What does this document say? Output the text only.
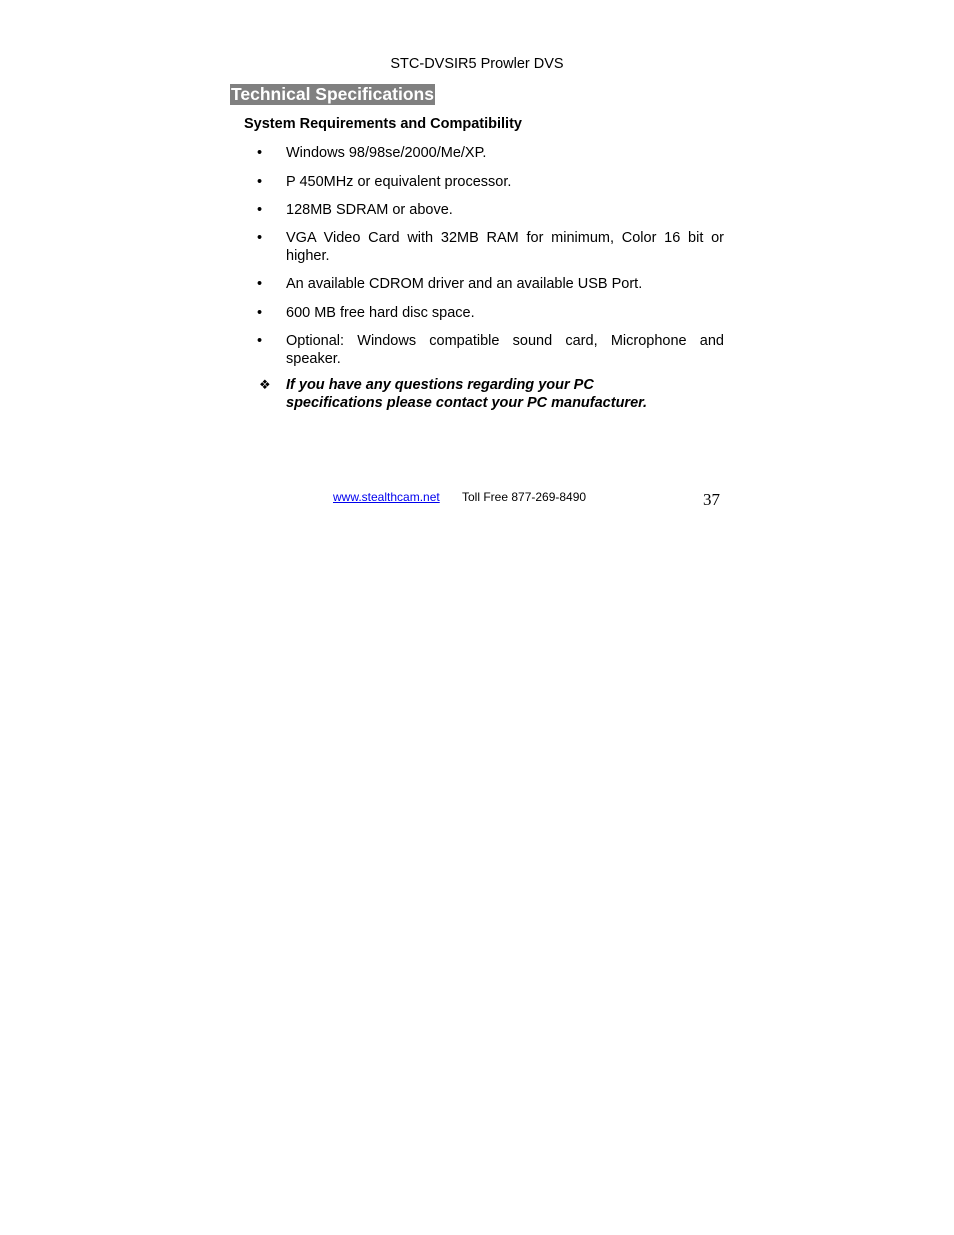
STC-DVSIR5 Prowler DVS
Technical Specifications
System Requirements and Compatibility
•	Windows 98/98se/2000/Me/XP.
•	P 450MHz or equivalent processor.
•	128MB SDRAM or above.
•	VGA Video Card with 32MB RAM for minimum, Color 16 bit or higher.
•	An available CDROM driver and an available USB Port.
•	600 MB free hard disc space.
•	Optional: Windows compatible sound card, Microphone and speaker.
❖ If you have any questions regarding your PC
specifications please contact your PC manufacturer.
www.stealthcam.net Toll Free 877-269-8490	37
